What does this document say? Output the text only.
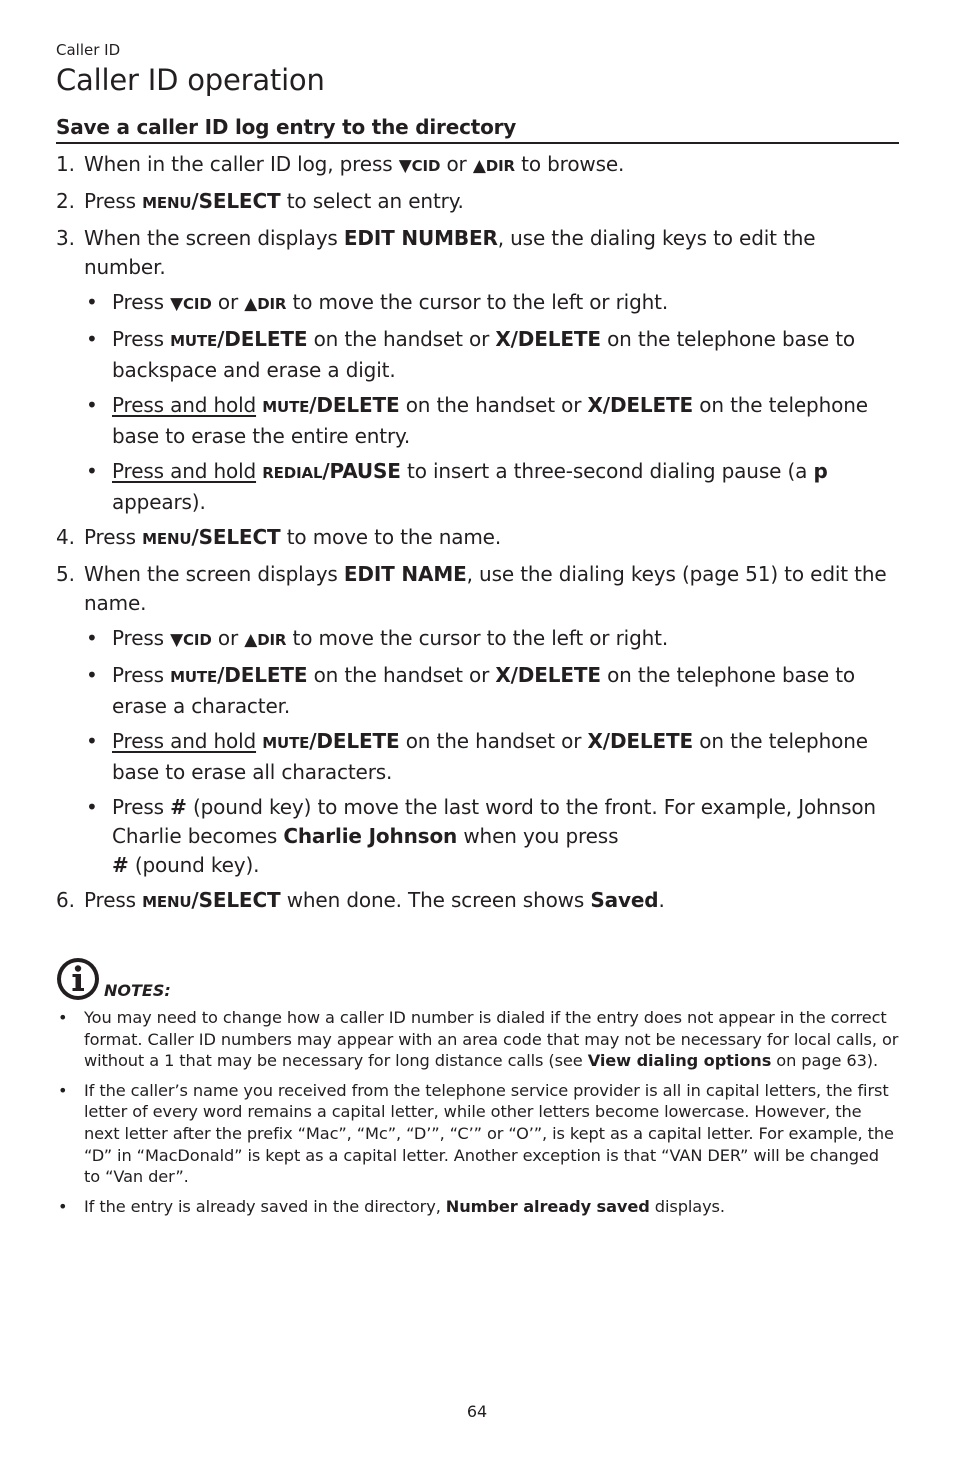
Caller ID

Caller ID operation
Save a caller ID log entry to the directory
1. When in the caller ID log, press ▼CID or ▲DIR to browse.
2. Press MENU/SELECT to select an entry.
3. When the screen displays EDIT NUMBER, use the dialing keys to edit the number.
• Press ▼CID or ▲DIR to move the cursor to the left or right.
• Press MUTE/DELETE on the handset or X/DELETE on the telephone base to backspace and erase a digit.
• Press and hold MUTE/DELETE on the handset or X/DELETE on the telephone base to erase the entire entry.
• Press and hold REDIAL/PAUSE to insert a three-second dialing pause (a p appears).
4. Press MENU/SELECT to move to the name.
5. When the screen displays EDIT NAME, use the dialing keys (page 51) to edit the name.
• Press ▼CID or ▲DIR to move the cursor to the left or right.
• Press MUTE/DELETE on the handset or X/DELETE on the telephone base to erase a character.
• Press and hold MUTE/DELETE on the handset or X/DELETE on the telephone base to erase all characters.
• Press # (pound key) to move the last word to the front. For example, Johnson Charlie becomes Charlie Johnson when you press
# (pound key).
6. Press MENU/SELECT when done. The screen shows Saved.
NOTES:
• You may need to change how a caller ID number is dialed if the entry does not appear in the correct format. Caller ID numbers may appear with an area code that may not be necessary for local calls, or without a 1 that may be necessary for long distance calls (see View dialing options on page 63).
• If the caller’s name you received from the telephone service provider is all in capital letters, the first letter of every word remains a capital letter, while other letters become lowercase. However, the next letter after the prefix “Mac”, “Mc”, “D’”, “C’” or “O’”, is kept as a capital letter. For example, the “D” in “MacDonald” is kept as a capital letter. Another exception is that “VAN DER” will be changed to “Van der”.
• If the entry is already saved in the directory, Number already saved displays.
64
